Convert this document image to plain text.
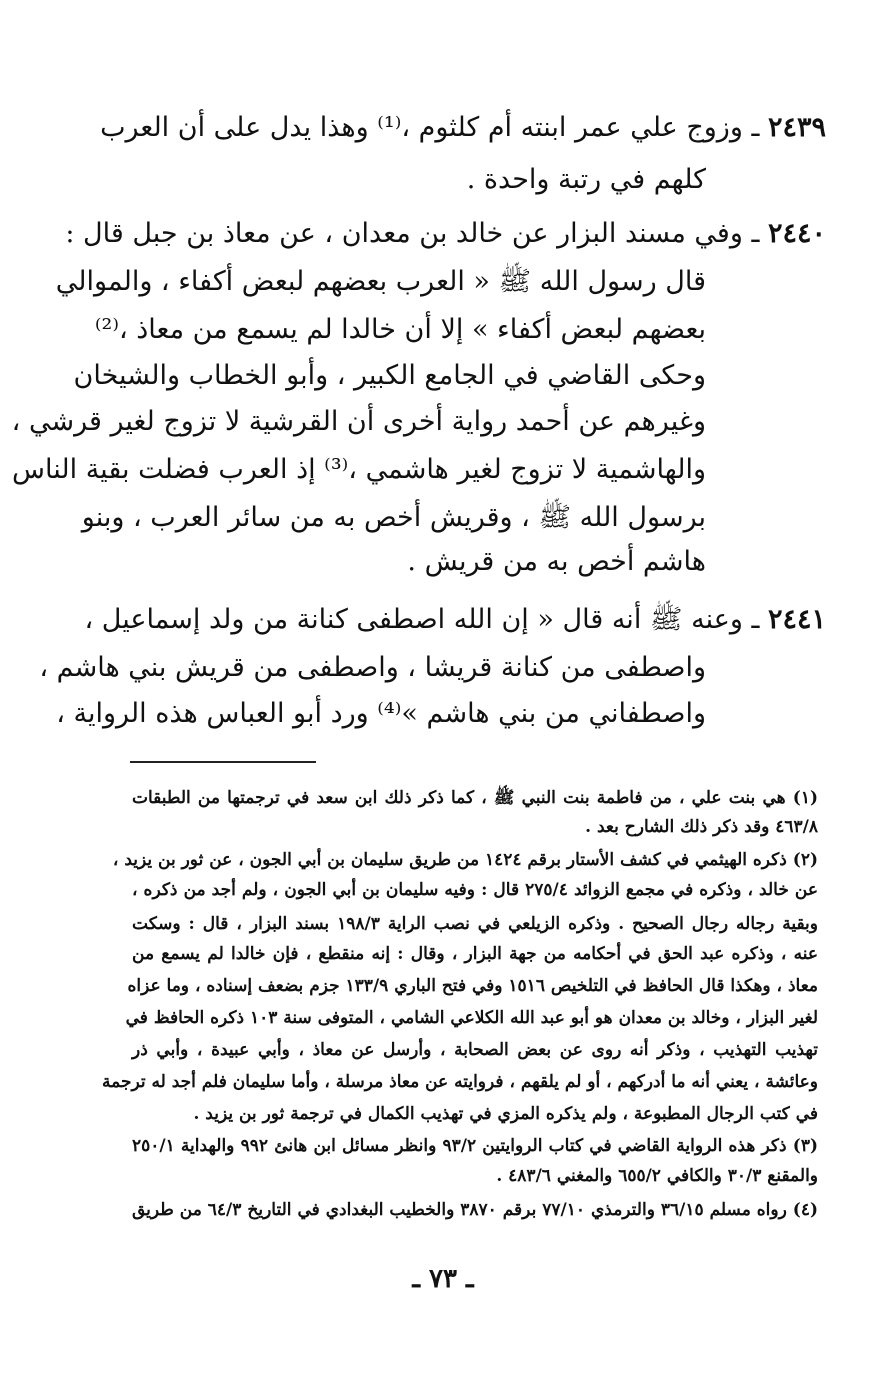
٢٤٣٩ ـ وزوج علي عمر ابنته أم كلثوم ،⁽¹⁾ وهذا يدل على أن العرب
كلهم في رتبة واحدة .
٢٤٤٠ ـ وفي مسند البزار عن خالد بن معدان ، عن معاذ بن جبل قال :
قال رسول الله ﷺ « العرب بعضهم لبعض أكفاء ، والموالي
بعضهم لبعض أكفاء » إلا أن خالدا لم يسمع من معاذ ،⁽²⁾
وحكى القاضي في الجامع الكبير ، وأبو الخطاب والشيخان
وغيرهم عن أحمد رواية أخرى أن القرشية لا تزوج لغير قرشي ،
والهاشمية لا تزوج لغير هاشمي ،⁽³⁾ إذ العرب فضلت بقية الناس
برسول الله ﷺ ، وقريش أخص به من سائر العرب ، وبنو
هاشم أخص به من قريش .
٢٤٤١ ـ وعنه ﷺ أنه قال « إن الله اصطفى كنانة من ولد إسماعيل ،
واصطفى من كنانة قريشا ، واصطفى من قريش بني هاشم ،
واصطفاني من بني هاشم »⁽⁴⁾ ورد أبو العباس هذه الرواية ،
(١) هي بنت علي ، من فاطمة بنت النبي ﷺ ، كما ذكر ذلك ابن سعد في ترجمتها من الطبقات
٤٦٣/٨ وقد ذكر ذلك الشارح بعد .
(٢) ذكره الهيثمي في كشف الأستار برقم ١٤٢٤ من طريق سليمان بن أبي الجون ، عن ثور بن يزيد ،
عن خالد ، وذكره في مجمع الزوائد ٢٧٥/٤ قال : وفيه سليمان بن أبي الجون ، ولم أجد من ذكره ،
وبقية رجاله رجال الصحيح . وذكره الزيلعي في نصب الراية ١٩٨/٣ بسند البزار ، قال : وسكت
عنه ، وذكره عبد الحق في أحكامه من جهة البزار ، وقال : إنه منقطع ، فإن خالدا لم يسمع من
معاذ ، وهكذا قال الحافظ في التلخيص ١٥١٦ وفي فتح الباري ١٣٣/٩ جزم بضعف إسناده ، وما عزاه
لغير البزار ، وخالد بن معدان هو أبو عبد الله الكلاعي الشامي ، المتوفى سنة ١٠٣ ذكره الحافظ في
تهذيب التهذيب ، وذكر أنه روى عن بعض الصحابة ، وأرسل عن معاذ ، وأبي عبيدة ، وأبي ذر
وعائشة ، يعني أنه ما أدركهم ، أو لم يلقهم ، فروايته عن معاذ مرسلة ، وأما سليمان فلم أجد له ترجمة
في كتب الرجال المطبوعة ، ولم يذكره المزي في تهذيب الكمال في ترجمة ثور بن يزيد .
(٣) ذكر هذه الرواية القاضي في كتاب الروايتين ٩٣/٢ وانظر مسائل ابن هانئ ٩٩٢ والهداية ٢٥٠/١
والمقنع ٣٠/٣ والكافي ٦٥٥/٢ والمغني ٤٨٣/٦ .
(٤) رواه مسلم ٣٦/١٥ والترمذي ٧٧/١٠ برقم ٣٨٧٠ والخطيب البغدادي في التاريخ ٦٤/٣ من طريق
ـ ٧٣ ـ
